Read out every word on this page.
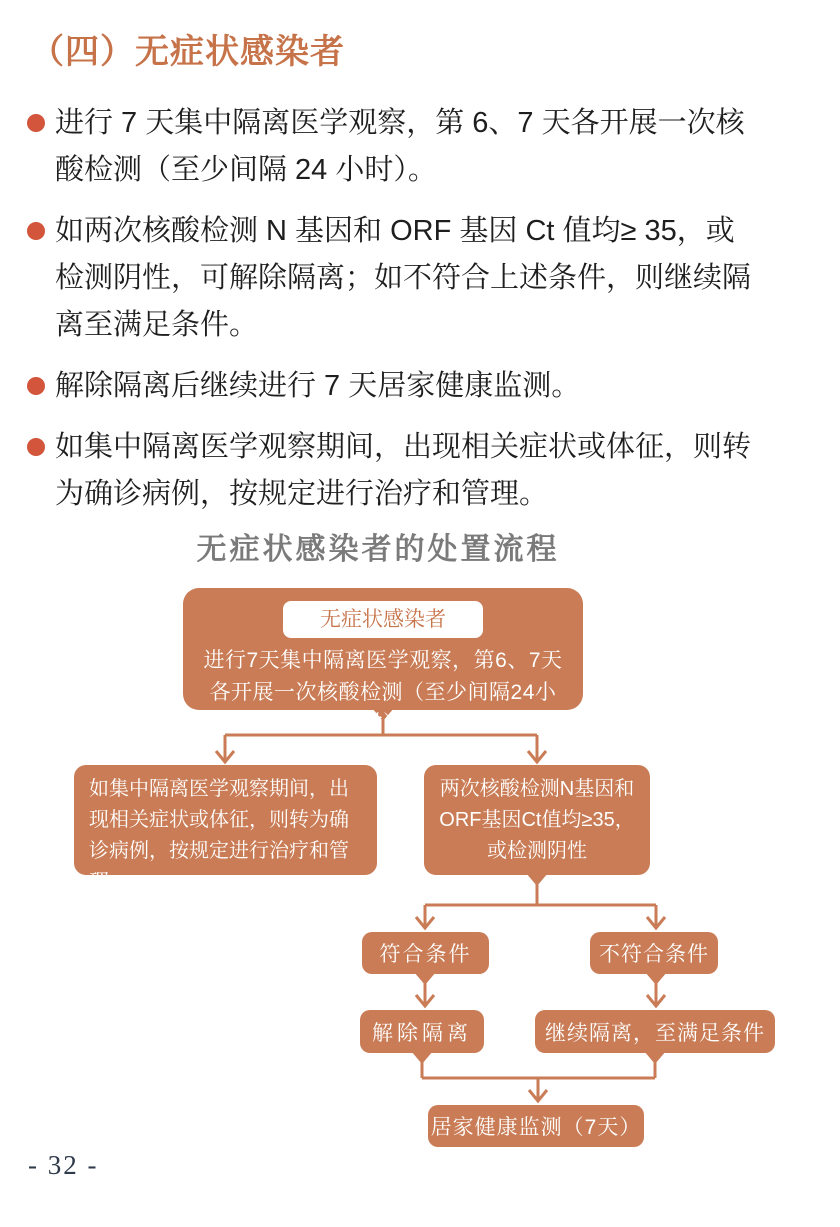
（四）无症状感染者

进行 7 天集中隔离医学观察，第 6、7 天各开展一次核酸检测（至少间隔 24 小时）。

如两次核酸检测 N 基因和 ORF 基因 Ct 值均≥ 35，或检测阴性，可解除隔离；如不符合上述条件，则继续隔离至满足条件。

解除隔离后继续进行 7 天居家健康监测。

如集中隔离医学观察期间，出现相关症状或体征，则转为确诊病例，按规定进行治疗和管理。

无症状感染者的处置流程
无症状感染者
进行7天集中隔离医学观察，第6、7天各开展一次核酸检测（至少间隔24小时）
如集中隔离医学观察期间，出现相关症状或体征，则转为确诊病例，按规定进行治疗和管理
两次核酸检测N基因和ORF基因Ct值均≥35，或检测阴性
符合条件	不符合条件
解除隔离	继续隔离，至满足条件
居家健康监测（7天）
- 32 -
